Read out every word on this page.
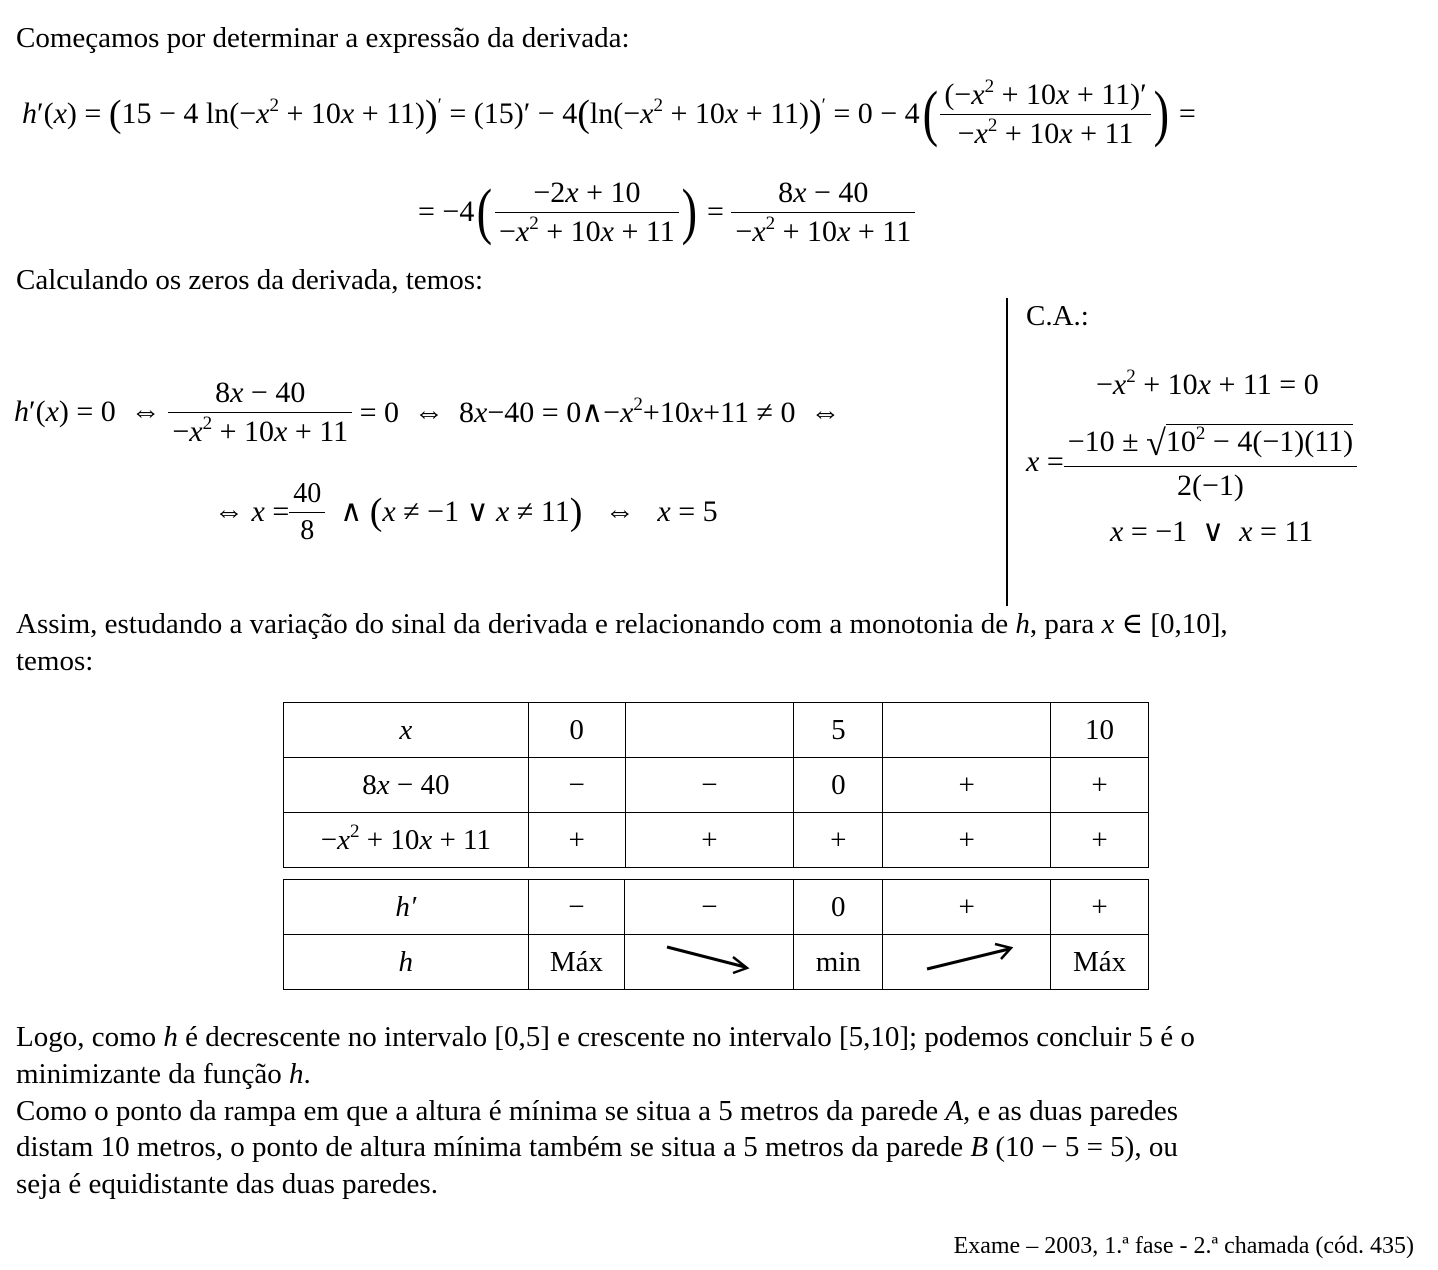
Começamos por determinar a expressão da derivada:
h′(x) = (15 − 4 $\ln(-x^2 + 10x + 11))' = (15)' - 4(\ln(-x^2 + 10x + 11))' = 0 - 4$ ( $\frac{(-x^2 + 10x + 11)'}{-x^2 + 10x + 11}$ ) =
= −4 ( $\frac{-2x + 10}{-x^2 + 10x + 11}$ ) = $\frac{8x - 40}{-x^2 + 10x + 11}$
Calculando os zeros da derivada, temos:
h′(x) = 0  ⇔ $\frac{8x - 40}{-x^2 + 10x + 11} = 0$  ⇔  $8x-40 = 0\wedge-x^2+10x+11 \ne 0$  ⇔
⇔ $x = \frac{40}{8}$ ∧ (x ≠ −1 ∨ x ≠ 11)   ⇔   x = 5
C.A.:
$-x^2 + 10x + 11 = 0$
$x = \frac{-10 \pm √10^2 - 4(-1)(11)}{2(-1)}$
x = −1  ∨  x = 11
Assim, estudando a variação do sinal da derivada e relacionando com a monotonia de h, para x ∈ [0,10],
temos:
x	0		5		10
8x − 40	−	−	0	+	+
$-x^2 + 10x + 11$	+	+	+	+	+
h′	−	−	0	+	+
h	Máx		min		Máx
Logo, como h é decrescente no intervalo [0,5] e crescente no intervalo [5,10]; podemos concluir 5 é o
minimizante da função h.
Como o ponto da rampa em que a altura é mínima se situa a 5 metros da parede A, e as duas paredes
distam 10 metros, o ponto de altura mínima também se situa a 5 metros da parede B (10 − 5 = 5), ou
seja é equidistante das duas paredes.
Exame – 2003, 1.ª fase - 2.ª chamada (cód. 435)
